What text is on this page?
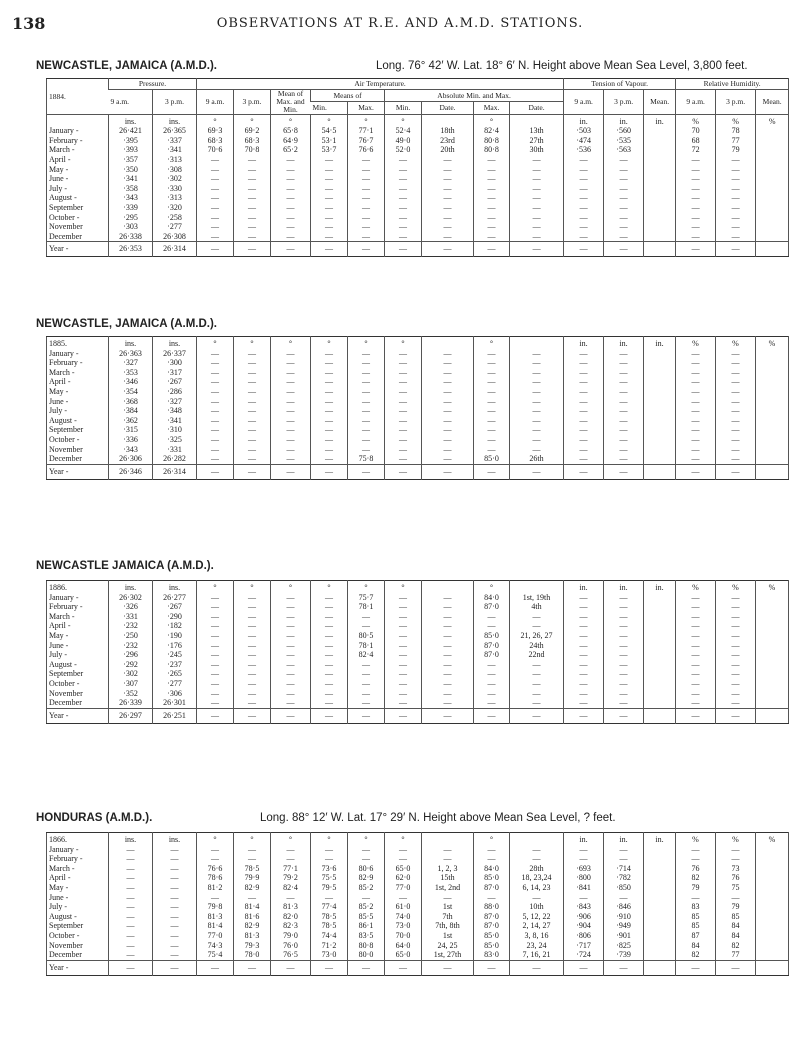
138	OBSERVATIONS AT R.E. AND A.M.D. STATIONS.
NEWCASTLE, JAMAICA (A.M.D.).	Long. 76° 42′ W. Lat. 18° 6′ N. Height above Mean Sea Level, 3,800 feet.
1884.	Pressure.		Air Temperature.									Tension of Vapour.			Relative Humidity.		
	9 a.m.	3 p.m.	9 a.m.	3 p.m.	Mean of Max. and Min.	Means of		Absolute Min. and Max.				9 a.m.	3 p.m.	Mean.	9 a.m.	3 p.m.	Mean.
						Min.	Max.	Min.	Date.	Max.	Date.						
	ins.	ins.	°	°	°	°	°	°		°		in.	in.	in.	%	%	%
January -	26·421	26·365	69·3	69·2	65·8	54·5	77·1	52·4	18th	82·4	13th	·503	·560		70	78	
February -	·395	·337	68·3	68·3	64·9	53·1	76·7	49·0	23rd	80·8	27th	·474	·535		68	77	
March -	·393	·341	70·6	70·8	65·2	53·7	76·6	52·0	20th	80·8	30th	·536	·563		72	79	
April -	·357	·313	—	—	—	—	—	—	—	—	—	—	—		—	—	
May -	·350	·308	—	—	—	—	—	—	—	—	—	—	—		—	—	
June -	·341	·302	—	—	—	—	—	—	—	—	—	—	—		—	—	
July -	·358	·330	—	—	—	—	—	—	—	—	—	—	—		—	—	
August -	·343	·313	—	—	—	—	—	—	—	—	—	—	—		—	—	
September	·339	·320	—	—	—	—	—	—	—	—	—	—	—		—	—	
October -	·295	·258	—	—	—	—	—	—	—	—	—	—	—		—	—	
November	·303	·277	—	—	—	—	—	—	—	—	—	—	—		—	—	
December	26·338	26·308	—	—	—	—	—	—	—	—	—	—	—		—	—	
Year -	26·353	26·314	—	—	—	—	—	—	—	—	—	—	—		—	—	
NEWCASTLE, JAMAICA (A.M.D.).
1885.	ins.	ins.	°	°	°	°	°	°		°		in.	in.	in.	%	%	%
January -	26·363	26·337	—	—	—	—	—	—	—	—	—	—	—		—	—	
February -	·327	·300	—	—	—	—	—	—	—	—	—	—	—		—	—	
March -	·353	·317	—	—	—	—	—	—	—	—	—	—	—		—	—	
April -	·346	·267	—	—	—	—	—	—	—	—	—	—	—		—	—	
May -	·354	·286	—	—	—	—	—	—	—	—	—	—	—		—	—	
June -	·368	·327	—	—	—	—	—	—	—	—	—	—	—		—	—	
July -	·384	·348	—	—	—	—	—	—	—	—	—	—	—		—	—	
August -	·362	·341	—	—	—	—	—	—	—	—	—	—	—		—	—	
September	·315	·310	—	—	—	—	—	—	—	—	—	—	—		—	—	
October -	·336	·325	—	—	—	—	—	—	—	—	—	—	—		—	—	
November	·343	·331	—	—	—	—	—	—	—	—	—	—	—		—	—	
December	26·306	26·282	—	—	—	—	75·8	—	—	85·0	26th	—	—		—	—	
Year -	26·346	26·314	—	—	—	—	—	—	—	—	—	—	—		—	—	
NEWCASTLE JAMAICA (A.M.D.).
1886.	ins.	ins.	°	°	°	°	°	°		°		in.	in.	in.	%	%	%
January -	26·302	26·277	—	—	—	—	75·7	—	—	84·0	1st, 19th	—	—		—	—	
February -	·326	·267	—	—	—	—	78·1	—	—	87·0	4th	—	—		—	—	
March -	·331	·290	—	—	—	—	—	—	—	—	—	—	—		—	—	
April -	·232	·182	—	—	—	—	—	—	—	—	—	—	—		—	—	
May -	·250	·190	—	—	—	—	80·5	—	—	85·0	21, 26, 27	—	—		—	—	
June -	·232	·176	—	—	—	—	78·1	—	—	87·0	24th	—	—		—	—	
July -	·296	·245	—	—	—	—	82·4	—	—	87·0	22nd	—	—		—	—	
August -	·292	·237	—	—	—	—	—	—	—	—	—	—	—		—	—	
September	·302	·265	—	—	—	—	—	—	—	—	—	—	—		—	—	
October -	·307	·277	—	—	—	—	—	—	—	—	—	—	—		—	—	
November	·352	·306	—	—	—	—	—	—	—	—	—	—	—		—	—	
December	26·339	26·301	—	—	—	—	—	—	—	—	—	—	—		—	—	
Year -	26·297	26·251	—	—	—	—	—	—	—	—	—	—	—		—	—	
HONDURAS (A.M.D.).	Long. 88° 12′ W. Lat. 17° 29′ N. Height above Mean Sea Level, ? feet.
1866.	ins.	ins.	°	°	°	°	°	°		°		in.	in.	in.	%	%	%
January -	—	—	—	—	—	—	—	—	—	—	—	—	—		—	—	
February -	—	—	—	—	—	—	—	—	—	—	—	—	—		—	—	
March -	—	—	76·6	78·5	77·1	73·6	80·6	65·0	1, 2, 3	84·0	28th	·693	·714		76	73	
April -	—	—	78·6	79·9	79·2	75·5	82·9	62·0	15th	85·0	18, 23,24	·800	·782		82	76	
May -	—	—	81·2	82·9	82·4	79·5	85·2	77·0	1st, 2nd	87·0	6, 14, 23	·841	·850		79	75	
June -	—	—	—	—	—	—	—	—	—	—	—	—	—		—	—	
July -	—	—	79·8	81·4	81·3	77·4	85·2	61·0	1st	88·0	10th	·843	·846		83	79	
August -	—	—	81·3	81·6	82·0	78·5	85·5	74·0	7th	87·0	5, 12, 22	·906	·910		85	85	
September	—	—	81·4	82·9	82·3	78·5	86·1	73·0	7th, 8th	87·0	2, 14, 27	·904	·949		85	84	
October -	—	—	77·0	81·3	79·0	74·4	83·5	70·0	1st	85·0	3, 8, 16	·806	·901		87	84	
November	—	—	74·3	79·3	76·0	71·2	80·8	64·0	24, 25	85·0	23, 24	·717	·825		84	82	
December	—	—	75·4	78·0	76·5	73·0	80·0	65·0	1st, 27th	83·0	7, 16, 21	·724	·739		82	77	
Year -	—	—	—	—	—	—	—	—	—	—	—	—	—		—	—	
